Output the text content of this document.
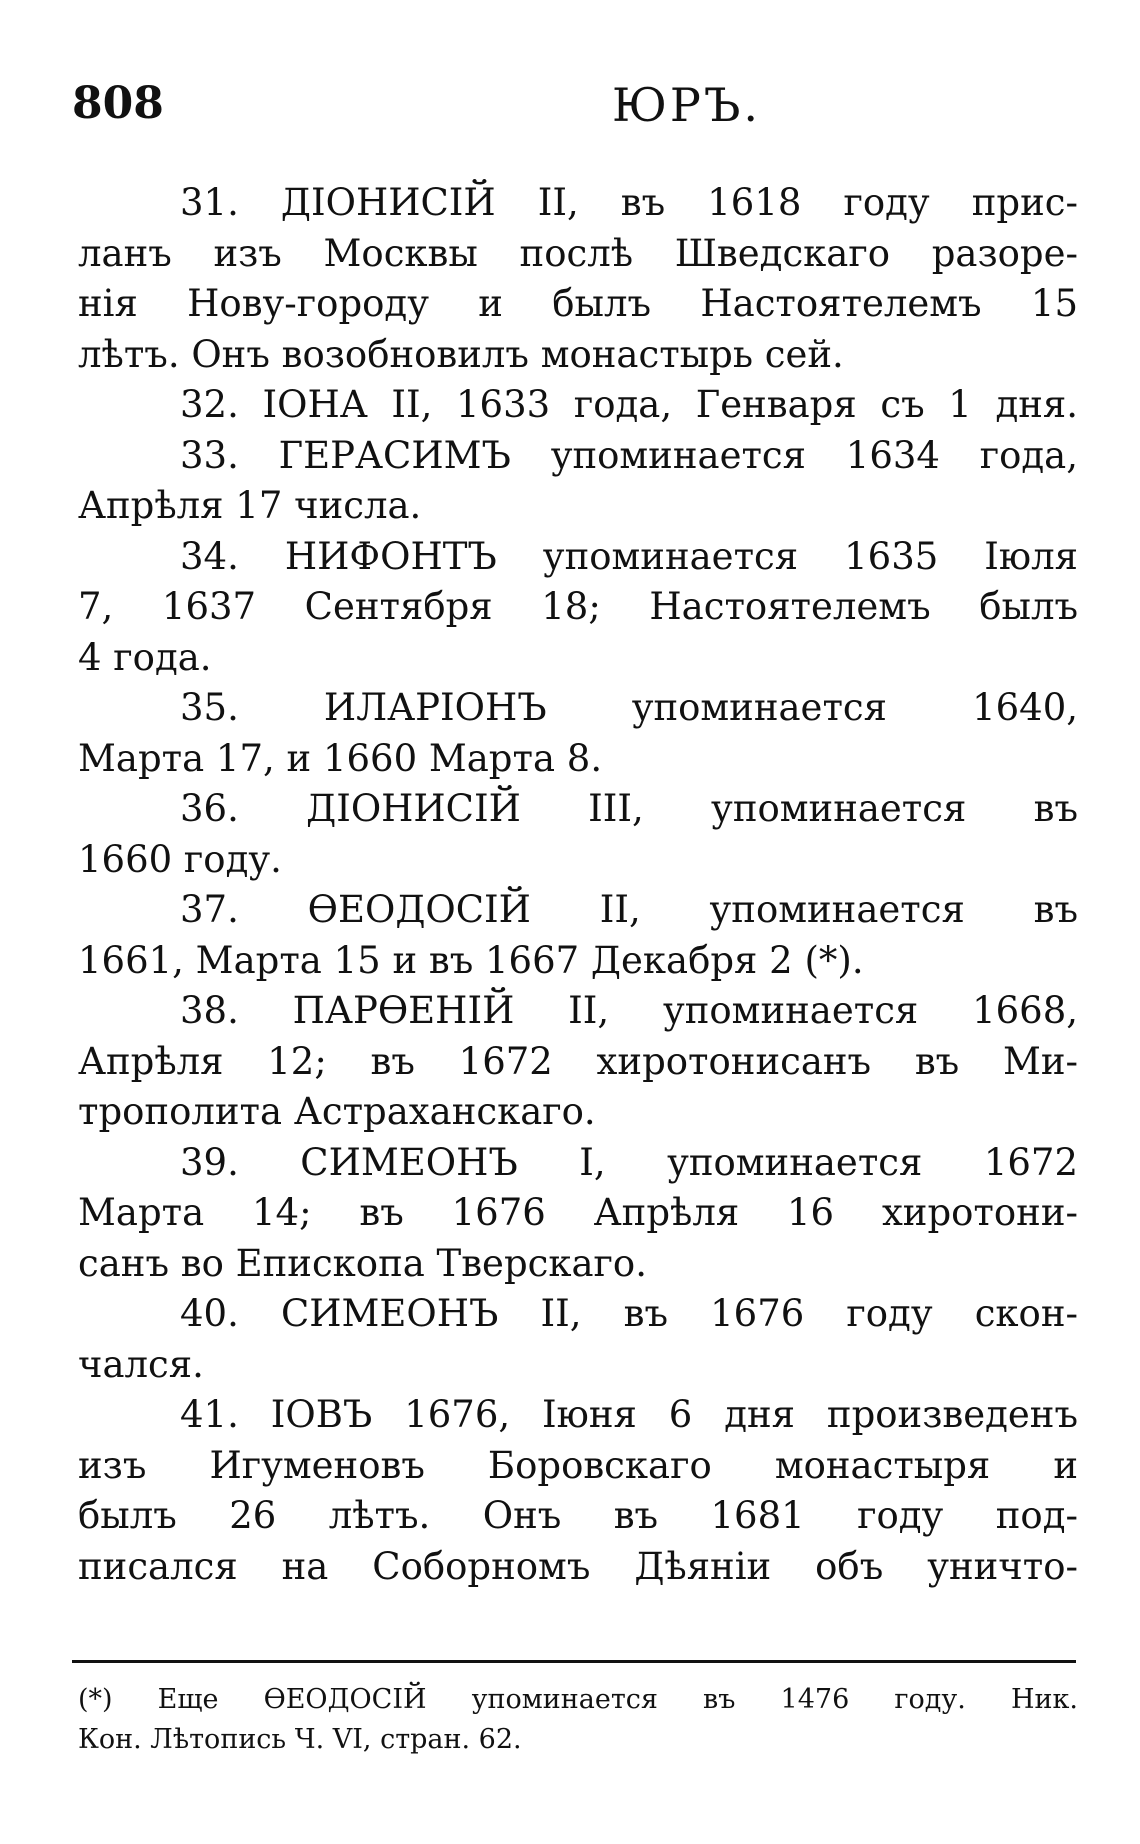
808	ЮРЪ.
31. ДІОНИСІЙ II, въ 1618 году прис-
ланъ изъ Москвы послѣ Шведскаго разоре-
нія Нову-городу и былъ Настоятелемъ 15
лѣтъ. Онъ возобновилъ монастырь сей.
32. IОНА II, 1633 года, Генваря съ 1 дня.
33. ГЕРАСИМЪ упоминается 1634 года,
Апрѣля 17 числа.
34. НИФОНТЪ упоминается 1635 Іюля
7, 1637 Сентября 18; Настоятелемъ былъ
4 года.
35. ИЛАРІОНЪ упоминается 1640,
Марта 17, и 1660 Марта 8.
36. ДІОНИСІЙ III, упоминается въ
1660 году.
37. ѲЕОДОСІЙ II, упоминается въ
1661, Марта 15 и въ 1667 Декабря 2 (*).
38. ПАРѲЕНІЙ II, упоминается 1668,
Апрѣля 12; въ 1672 хиротонисанъ въ Ми-
трополита Астраханскаго.
39. СИМЕОНЪ I, упоминается 1672
Марта 14; въ 1676 Апрѣля 16 хиротони-
санъ во Епископа Тверскаго.
40. СИМЕОНЪ II, въ 1676 году скон-
чался.
41. ІОВЪ 1676, Іюня 6 дня произведенъ
изъ Игуменовъ Боровскаго монастыря и
былъ 26 лѣтъ. Онъ въ 1681 году под-
писался на Соборномъ Дѣяніи объ уничто-
(*) Еще ѲЕОДОСІЙ упоминается въ 1476 году. Ник.
Кон. Лѣтопись Ч. VI, стран. 62.
